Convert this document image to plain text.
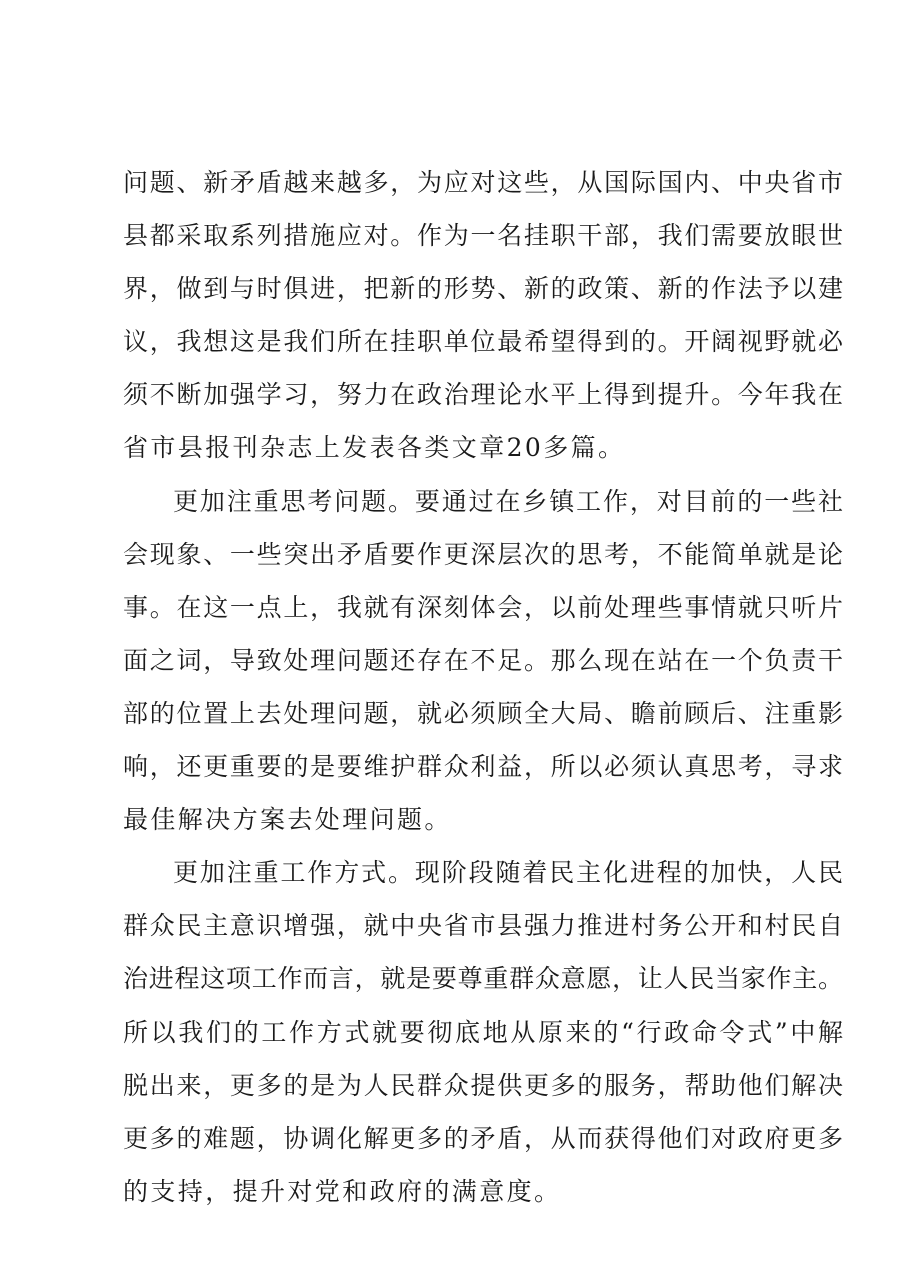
问题、新矛盾越来越多，为应对这些，从国际国内、中央省市
县都采取系列措施应对。作为一名挂职干部，我们需要放眼世
界，做到与时俱进，把新的形势、新的政策、新的作法予以建
议，我想这是我们所在挂职单位最希望得到的。开阔视野就必
须不断加强学习，努力在政治理论水平上得到提升。今年我在
省市县报刊杂志上发表各类文章20多篇。
更加注重思考问题。要通过在乡镇工作，对目前的一些社
会现象、一些突出矛盾要作更深层次的思考，不能简单就是论
事。在这一点上，我就有深刻体会，以前处理些事情就只听片
面之词，导致处理问题还存在不足。那么现在站在一个负责干
部的位置上去处理问题，就必须顾全大局、瞻前顾后、注重影
响，还更重要的是要维护群众利益，所以必须认真思考，寻求
最佳解决方案去处理问题。
更加注重工作方式。现阶段随着民主化进程的加快，人民
群众民主意识增强，就中央省市县强力推进村务公开和村民自
治进程这项工作而言，就是要尊重群众意愿，让人民当家作主。
所以我们的工作方式就要彻底地从原来的“行政命令式”中解
脱出来，更多的是为人民群众提供更多的服务，帮助他们解决
更多的难题，协调化解更多的矛盾，从而获得他们对政府更多
的支持，提升对党和政府的满意度。
